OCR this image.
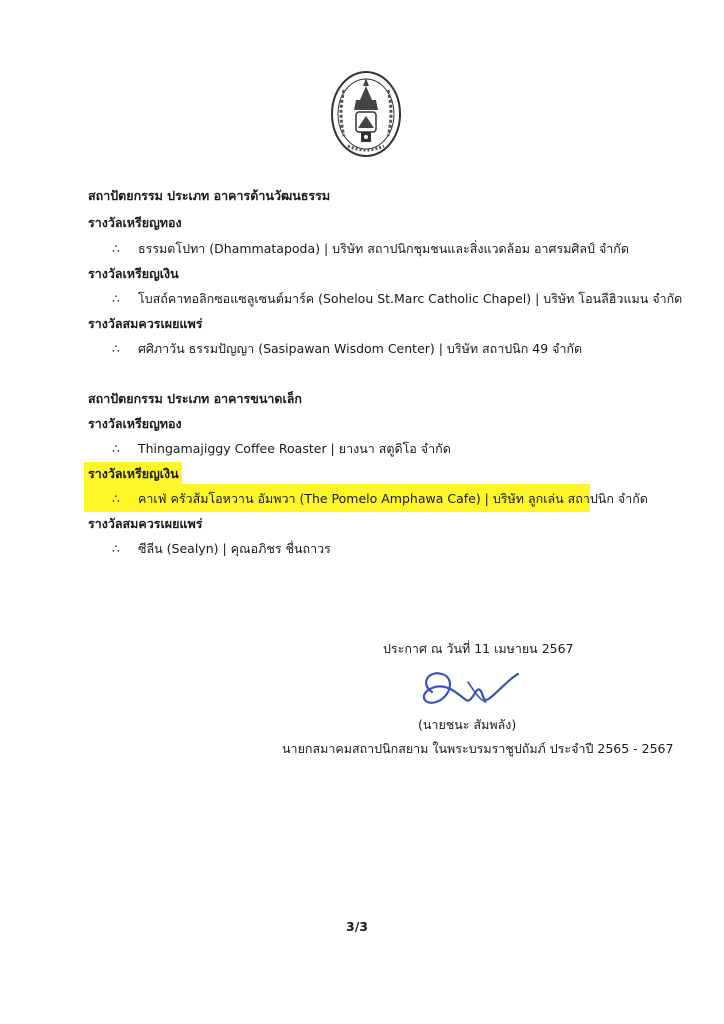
สถาปัตยกรรม ประเภท อาคารด้านวัฒนธรรม
รางวัลเหรียญทอง
∴ ธรรมดโปทา (Dhammatapoda) | บริษัท สถาปนิกชุมชนและสิ่งแวดล้อม อาศรมศิลป์ จำกัด
รางวัลเหรียญเงิน
∴ โบสถ์คาทอลิกซอแซลูเซนต์มาร์ค (Sohelou St.Marc Catholic Chapel) | บริษัท โอนลีฮิวแมน จำกัด
รางวัลสมควรเผยแพร่
∴ ศศิภาวัน ธรรมปัญญา (Sasipawan Wisdom Center) | บริษัท สถาปนิก 49 จำกัด
สถาปัตยกรรม ประเภท อาคารขนาดเล็ก
รางวัลเหรียญทอง
∴ Thingamajiggy Coffee Roaster | ยางนา สตูดิโอ จำกัด
รางวัลเหรียญเงิน
∴ คาเฟ่ ครัวส้มโอหวาน อัมพวา (The Pomelo Amphawa Cafe) | บริษัท ลูกเล่น สถาปนิก จำกัด
รางวัลสมควรเผยแพร่
∴ ซีลีน (Sealyn) | คุณอภิชร ชื่นถาวร
ประกาศ ณ วันที่ 11 เมษายน 2567
(นายชนะ สัมพลัง)
นายกสมาคมสถาปนิกสยาม ในพระบรมราชูปถัมภ์ ประจำปี 2565 - 2567
3/3
